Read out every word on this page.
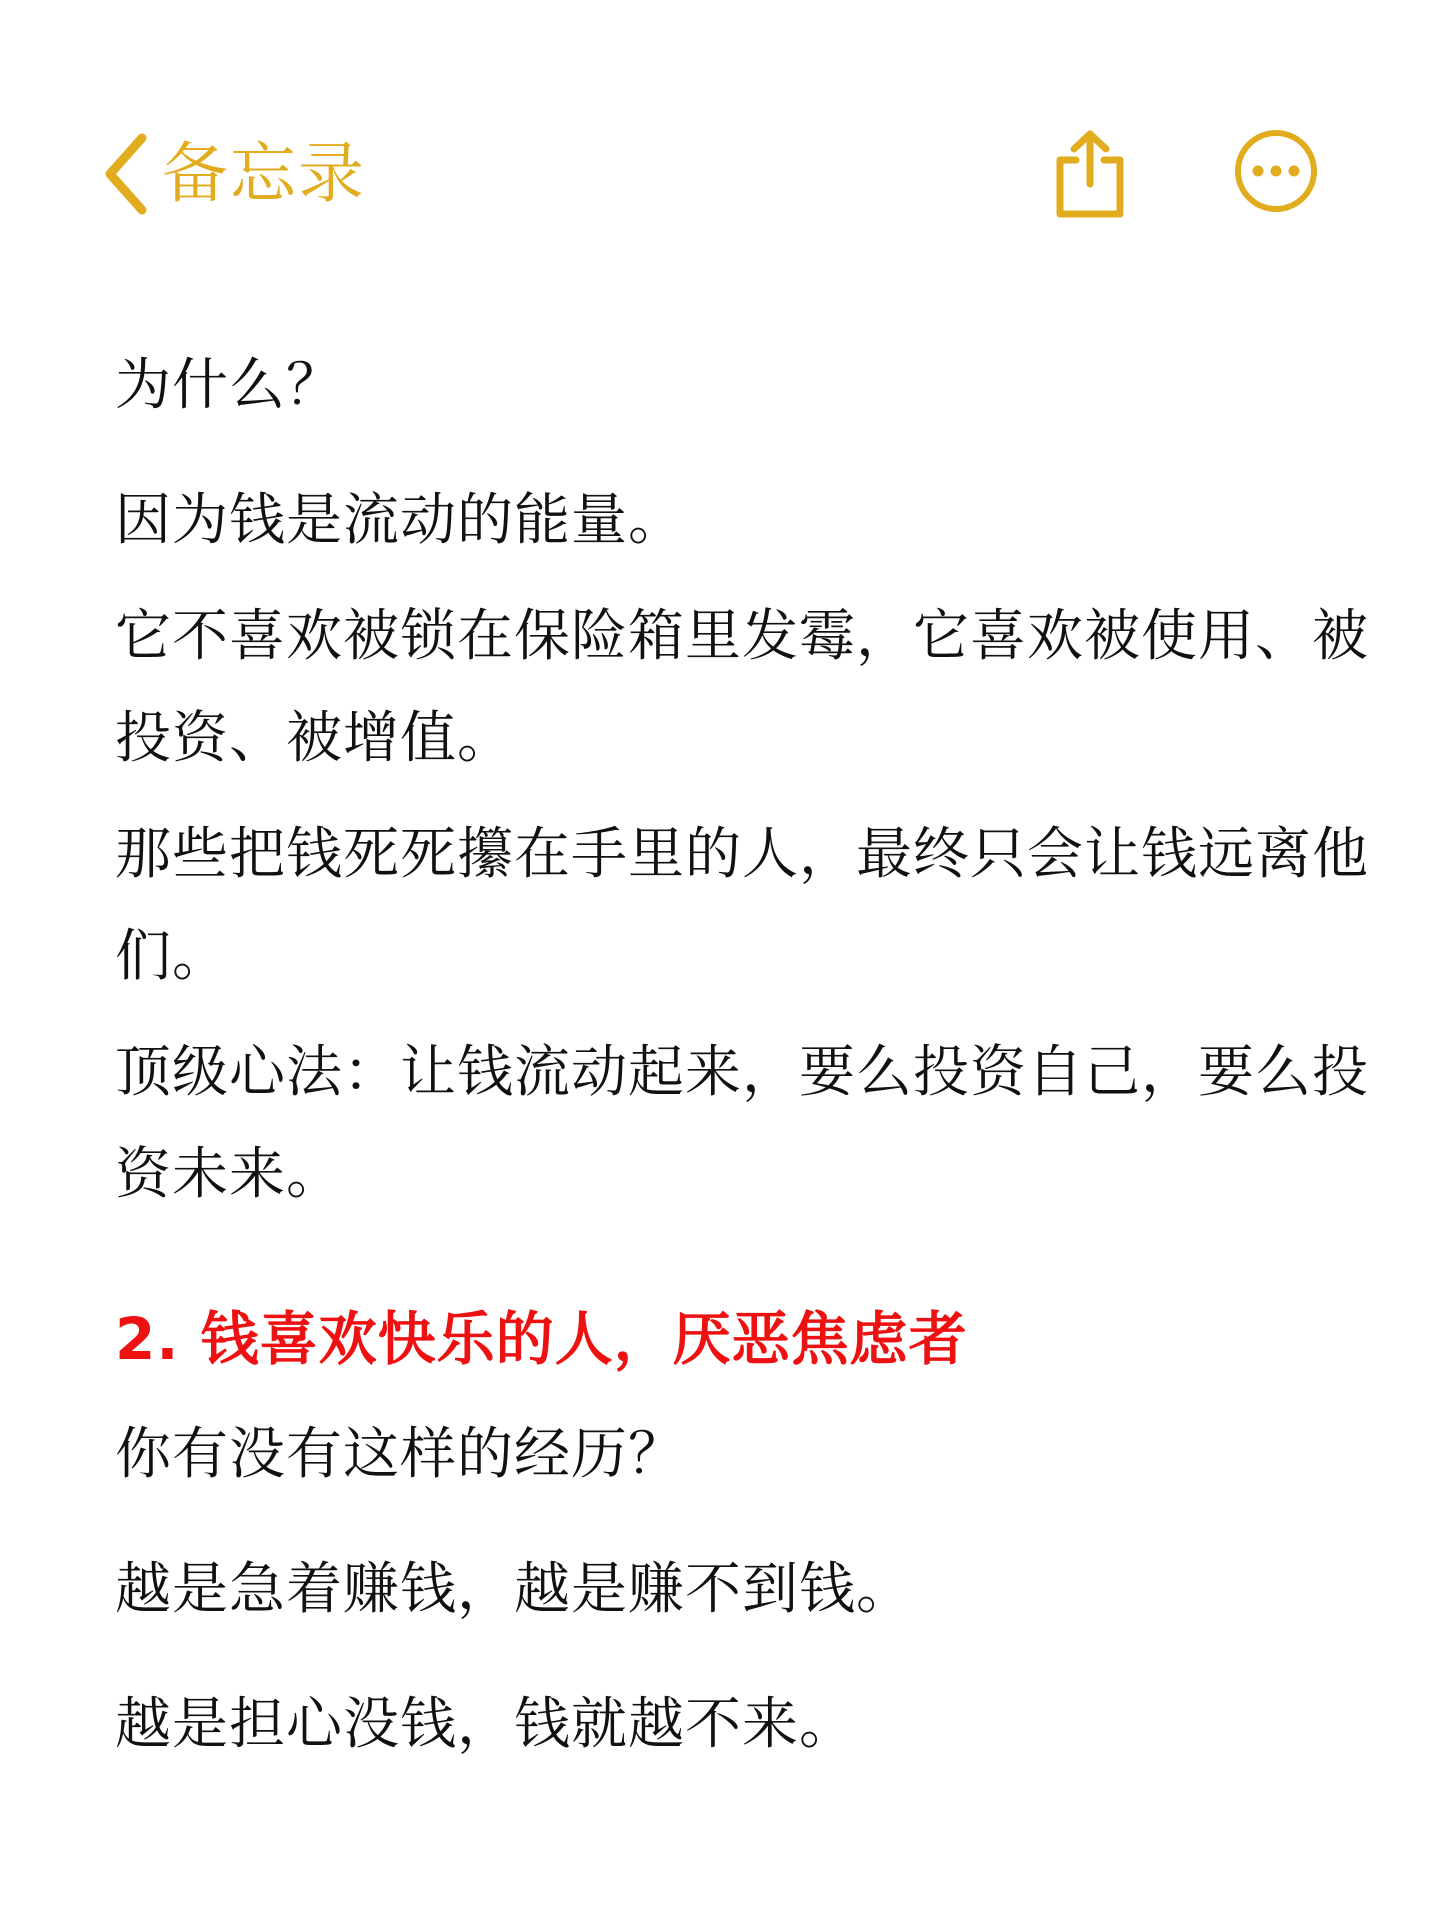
备忘录

为什么？

因为钱是流动的能量。

它不喜欢被锁在保险箱里发霉，它喜欢被使用、被投资、被增值。

那些把钱死死攥在手里的人，最终只会让钱远离他们。

顶级心法：让钱流动起来，要么投资自己，要么投资未来。

2. 钱喜欢快乐的人，厌恶焦虑者

你有没有这样的经历？

越是急着赚钱，越是赚不到钱。

越是担心没钱，钱就越不来。
